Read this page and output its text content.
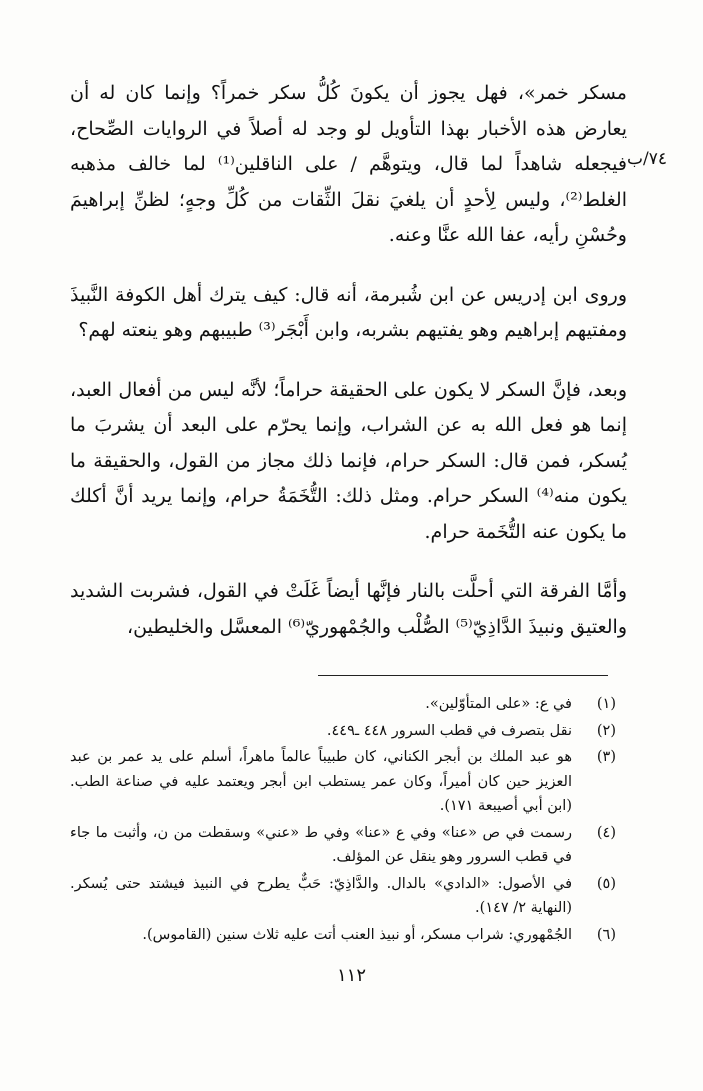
٧٤/ب

مسكر خمر»، فهل يجوز أن يكونَ كُلُّ سكر خمراً؟ وإنما كان له أن يعارض هذه الأخبار بهذا التأويل لو وجد له أصلاً في الروايات الصِّحاح، فيجعله شاهداً لما قال، ويتوهَّم / على الناقلين⁽¹⁾ لما خالف مذهبه الغلط⁽²⁾، وليس لِأحدٍ أن يلغيَ نقلَ الثِّقات من كُلِّ وجهٍ؛ لظنِّ إبراهيمَ وحُسْنِ رأيه، عفا الله عنَّا وعنه.

وروى ابن إدريس عن ابن شُبرمة، أنه قال: كيف يترك أهل الكوفة النَّبيذَ ومفتيهم إبراهيم وهو يفتيهم بشربه، وابن أَبْجَر⁽³⁾ طبيبهم وهو ينعته لهم؟

وبعد، فإنَّ السكر لا يكون على الحقيقة حراماً؛ لأنَّه ليس من أفعال العبد، إنما هو فعل الله به عن الشراب، وإنما يحرّم على البعد أن يشربَ ما يُسكر، فمن قال: السكر حرام، فإنما ذلك مجاز من القول، والحقيقة ما يكون منه⁽⁴⁾ السكر حرام. ومثل ذلك: التُّخَمَةُ حرام، وإنما يريد أنَّ أكلك ما يكون عنه التُّخَمة حرام.

وأمَّا الفرقة التي أحلَّت بالنار فإنَّها أيضاً غَلَتْ في القول، فشربت الشديد والعتيق ونبيذَ الدَّاذِيّ⁽⁵⁾ الصُّلْب والجُمْهوريّ⁽⁶⁾ المعسَّل والخليطين،

(١)
في ع: «على المتأوّلين».
(٢)
نقل بتصرف في قطب السرور ٤٤٨ ـ٤٤٩.
(٣)
هو عبد الملك بن أبجر الكناني، كان طبيباً عالماً ماهراً، أسلم على يد عمر بن عبد العزيز حين كان أميراً، وكان عمر يستطب ابن أبجر ويعتمد عليه في صناعة الطب. (ابن أبي أصيبعة ١٧١).
(٤)
رسمت في ص «عنا» وفي ع «عنا» وفي ط «عني» وسقطت من ن، وأثبت ما جاء في قطب السرور وهو ينقل عن المؤلف.
(٥)
في الأصول: «الدادي» بالدال. والدَّاذِيّ: حَبٌّ يطرح في النبيذ فيشتد حتى يُسكر. (النهاية ٢/ ١٤٧).
(٦)
الجُمْهوري: شراب مسكر، أو نبيذ العنب أتت عليه ثلاث سنين (القاموس).
١١٢
